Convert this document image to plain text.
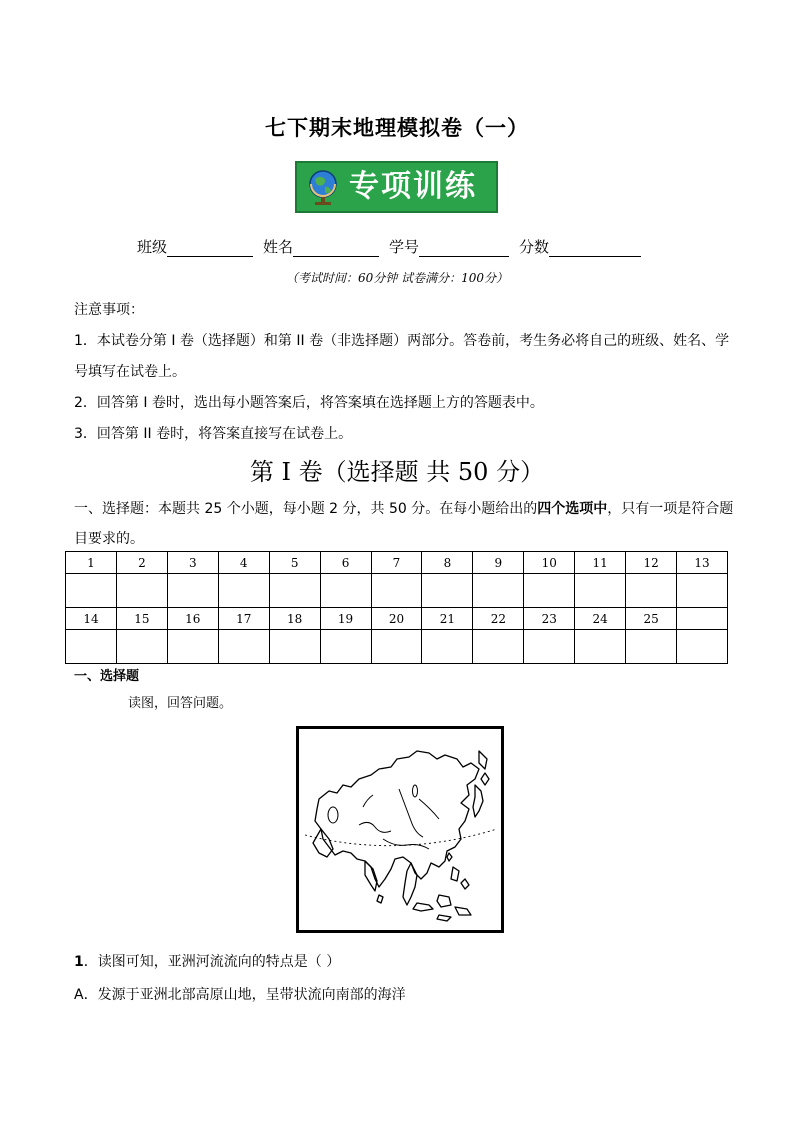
七下期末地理模拟卷（一）
专项训练
班级	姓名	学号	分数
（考试时间：60分钟 试卷满分：100分）
注意事项：
1．本试卷分第 I 卷（选择题）和第 II 卷（非选择题）两部分。答卷前，考生务必将自己的班级、姓名、学号填写在试卷上。
2．回答第 I 卷时，选出每小题答案后，将答案填在选择题上方的答题表中。
3．回答第 II 卷时，将答案直接写在试卷上。
第 I 卷（选择题 共 50 分）
一、选择题：本题共 25 个小题，每小题 2 分，共 50 分。在每小题给出的四个选项中，只有一项是符合题目要求的。
1	2	3	4	5	6	7	8	9	10	11	12	13

14	15	16	17	18	19	20	21	22	23	24	25	

一、选择题
读图，回答问题。
1．读图可知，亚洲河流流向的特点是（ ）
A．发源于亚洲北部高原山地，呈带状流向南部的海洋
